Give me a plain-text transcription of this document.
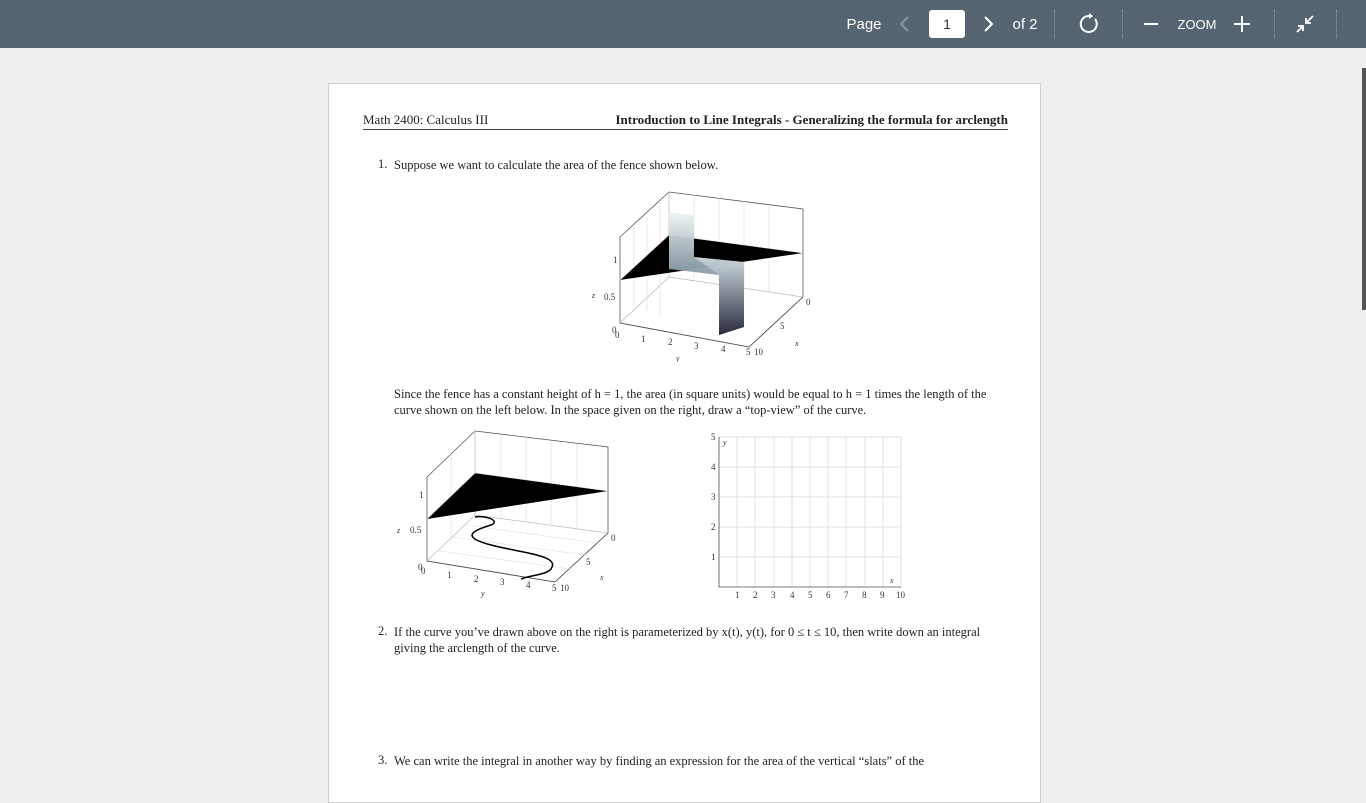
Page
1	of 2	ZOOM
Math 2400: Calculus III	Introduction to Line Integrals - Generalizing the formula for arclength
1. Suppose we want to calculate the area of the fence shown below.
1
0.5
0
z
0 1	2 3	4 5
y
0
5
10
x
Since the fence has a constant height of h = 1, the area (in square units) would be equal to h = 1 times the length of the curve shown on the left below. In the space given on the right, draw a “top-view” of the curve.
1
0.5
0
z
0 1	2 3 4 5
y
0
5
10
x
5
4
3
2
1
y
x
1 2 3 4 5 6 7 8 9 10
2. If the curve you’ve drawn above on the right is parameterized by x(t), y(t), for 0 ≤ t ≤ 10, then write down an integral giving the arclength of the curve.
3. We can write the integral in another way by finding an expression for the area of the vertical “slats” of the
